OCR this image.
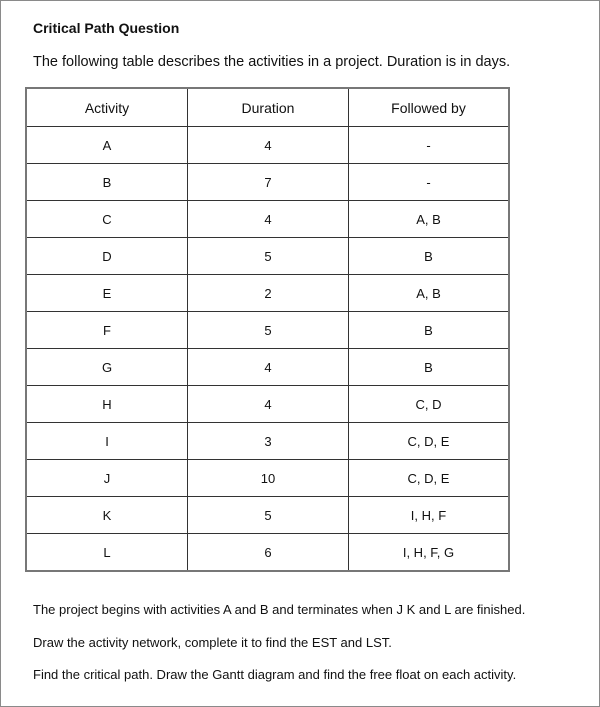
Critical Path Question
The following table describes the activities in a project. Duration is in days.
Activity	Duration	Followed by
A	4	-
B	7	-
C	4	A, B
D	5	B
E	2	A, B
F	5	B
G	4	B
H	4	C, D
I	3	C, D, E
J	10	C, D, E
K	5	I, H, F
L	6	I, H, F, G
The project begins with activities A and B and terminates when J K and L are finished.
Draw the activity network, complete it to find the EST and LST.
Find the critical path. Draw the Gantt diagram and find the free float on each activity.
